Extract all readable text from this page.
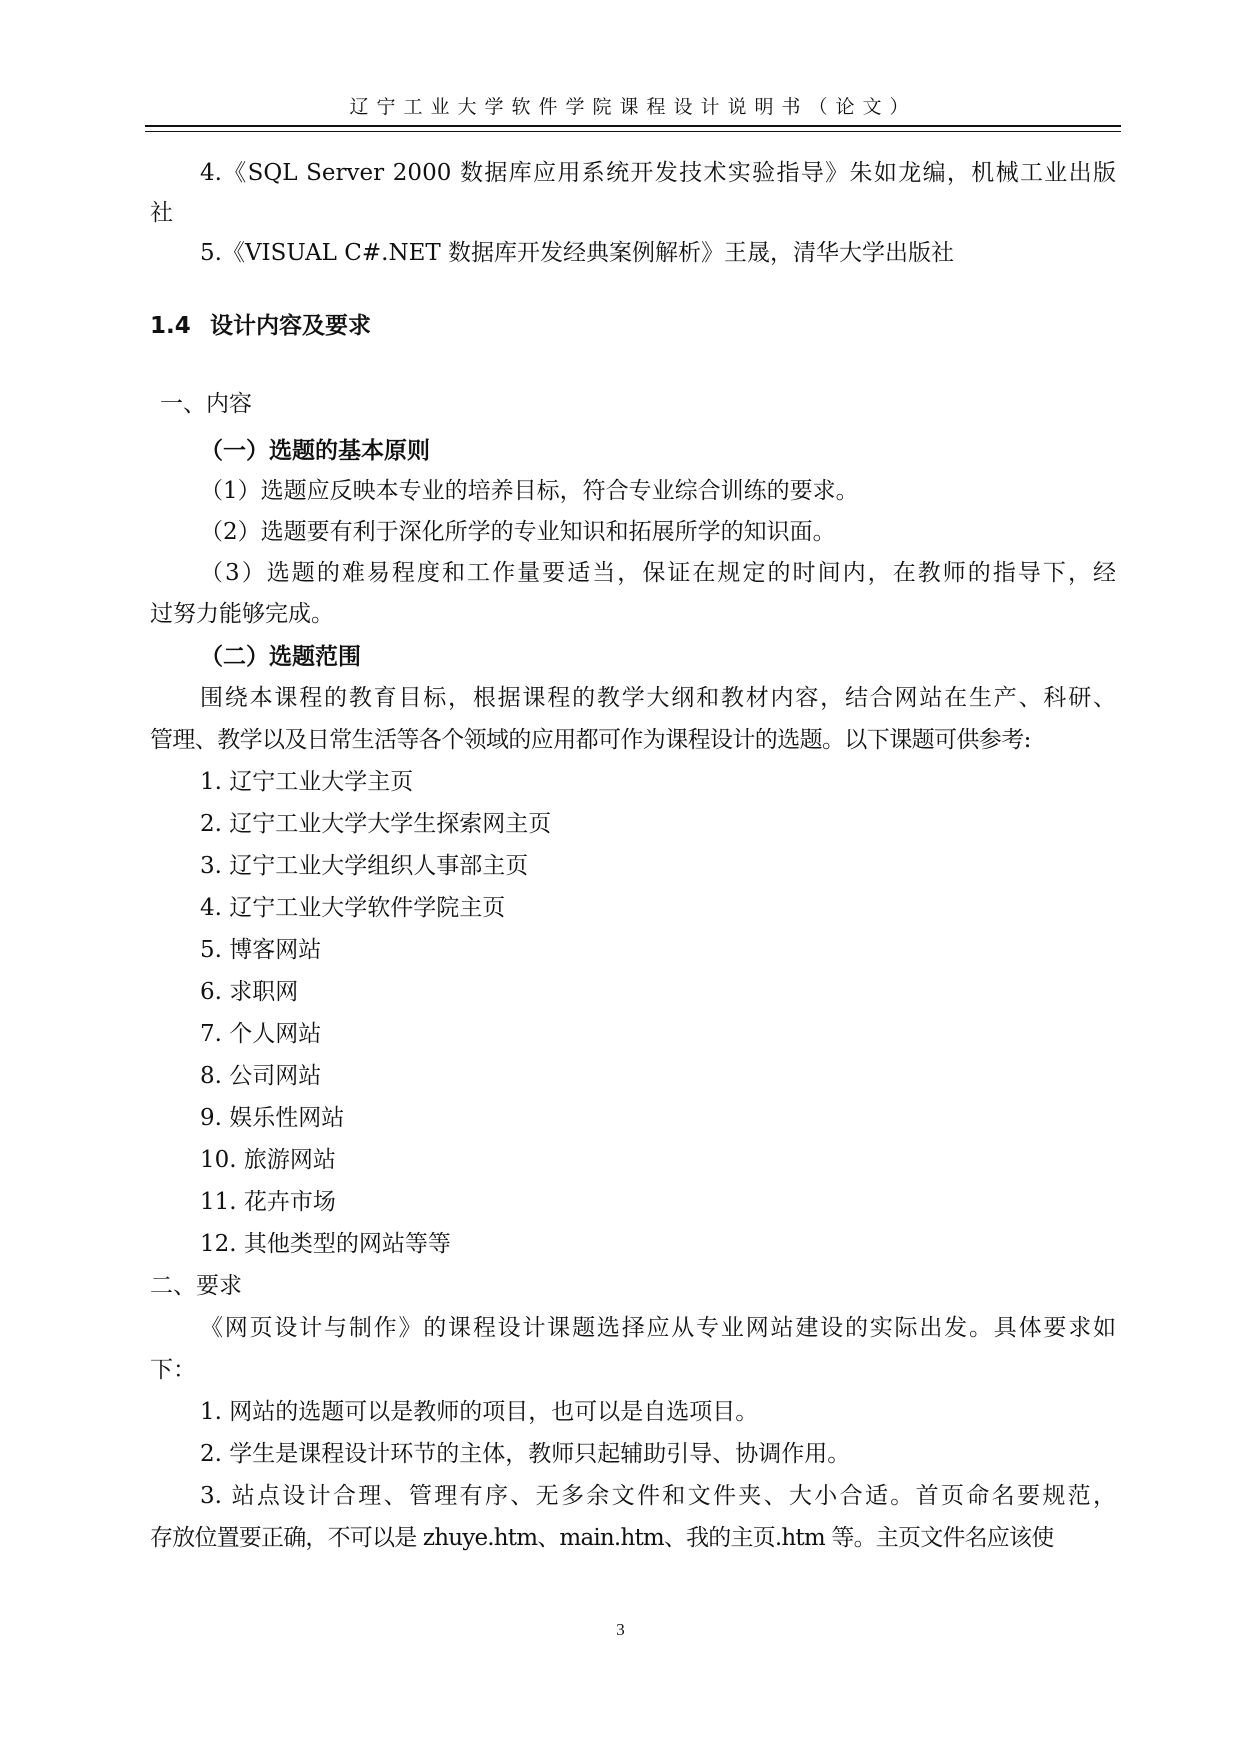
辽宁工业大学软件学院课程设计说明书（论文）
4.《SQL Server 2000 数据库应用系统开发技术实验指导》朱如龙编，机械工业出版
社
5.《VISUAL C#.NET 数据库开发经典案例解析》王晟，清华大学出版社
1.4 设计内容及要求
一、内容
（一）选题的基本原则
（1）选题应反映本专业的培养目标，符合专业综合训练的要求。
（2）选题要有利于深化所学的专业知识和拓展所学的知识面。
（3）选题的难易程度和工作量要适当，保证在规定的时间内，在教师的指导下，经
过努力能够完成。
（二）选题范围
围绕本课程的教育目标，根据课程的教学大纲和教材内容，结合网站在生产、科研、
管理、教学以及日常生活等各个领域的应用都可作为课程设计的选题。以下课题可供参考:
1. 辽宁工业大学主页
2. 辽宁工业大学大学生探索网主页
3. 辽宁工业大学组织人事部主页
4. 辽宁工业大学软件学院主页
5. 博客网站
6. 求职网
7. 个人网站
8. 公司网站
9. 娱乐性网站
10. 旅游网站
11. 花卉市场
12. 其他类型的网站等等
二、要求
《网页设计与制作》的课程设计课题选择应从专业网站建设的实际出发。具体要求如
下：
1. 网站的选题可以是教师的项目，也可以是自选项目。
2. 学生是课程设计环节的主体，教师只起辅助引导、协调作用。
3. 站点设计合理、管理有序、无多余文件和文件夹、大小合适。首页命名要规范，
存放位置要正确，不可以是 zhuye.htm、main.htm、我的主页.htm 等。主页文件名应该使
3
